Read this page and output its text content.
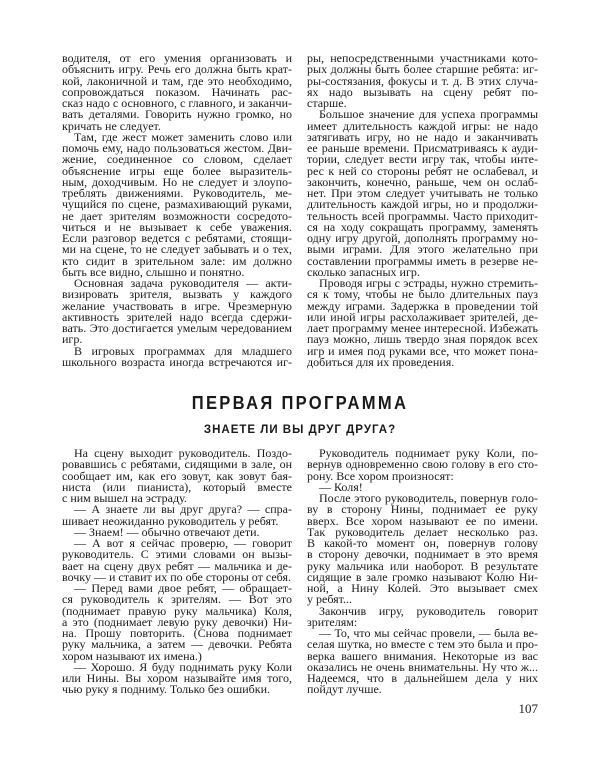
ПЕРВАЯ ПРОГРАММА
ЗНАЕТЕ ЛИ ВЫ ДРУГ ДРУГА?
107
водителя, от его умения организовать и
объяснить игру. Речь его должна быть крат-
кой, лаконичной и там, где это необходимо,
сопровождаться показом. Начинать рас-
сказ надо с основного, с главного, и заканчи-
вать деталями. Говорить нужно громко, но
кричать не следует.
Там, где жест может заменить слово или
помочь ему, надо пользоваться жестом. Дви-
жение, соединенное со словом, сделает
объяснение игры еще более выразитель-
ным, доходчивым. Но не следует и злоупо-
треблять движениями. Руководитель, ме-
чущийся по сцене, размахивающий руками,
не дает зрителям возможности сосредото-
читься и не вызывает к себе уважения.
Если разговор ведется с ребятами, стоящи-
ми на сцене, то не следует забывать и о тех,
кто сидит в зрительном зале: им должно
быть все видно, слышно и понятно.
Основная задача руководителя — акти-
визировать зрителя, вызвать у каждого
желание участвовать в игре. Чрезмерную
активность зрителей надо всегда сдержи-
вать. Это достигается умелым чередованием
игр.
В игровых программах для младшего
школьного возраста иногда встречаются иг-
ры, непосредственными участниками кото-
рых должны быть более старшие ребята: иг-
ры-состязания, фокусы и т. д. В этих случа-
ях надо вызывать на сцену ребят по-
старше.
Большое значение для успеха программы
имеет длительность каждой игры: не надо
затягивать игру, но не надо и заканчивать
ее раньше времени. Присматриваясь к ауди-
тории, следует вести игру так, чтобы инте-
рес к ней со стороны ребят не ослабевал, и
закончить, конечно, раньше, чем он ослаб-
нет. При этом следует учитывать не только
длительность каждой игры, но и продолжи-
тельность всей программы. Часто приходит-
ся на ходу сокращать программу, заменять
одну игру другой, дополнять программу но-
выми играми. Для этого желательно при
составлении программы иметь в резерве не-
сколько запасных игр.
Проводя игры с эстрады, нужно стремить-
ся к тому, чтобы не было длительных пауз
между играми. Задержка в проведении той
или иной игры расхолаживает зрителей, де-
лает программу менее интересной. Избежать
пауз можно, лишь твердо зная порядок всех
игр и имея под руками все, что может пона-
добиться для их проведения.
На сцену выходит руководитель. Поздо-
ровавшись с ребятами, сидящими в зале, он
сообщает им, как его зовут, как зовут бая-
ниста (или пианиста), который вместе
с ним вышел на эстраду.
— А знаете ли вы друг друга? — спра-
шивает неожиданно руководитель у ребят.
— Знаем! — обычно отвечают дети.
— А вот я сейчас проверю, — говорит
руководитель. С этими словами он вызы-
вает на сцену двух ребят — мальчика и де-
вочку — и ставит их по обе стороны от себя.
— Перед вами двое ребят, — обращает-
ся руководитель к зрителям. — Вот это
(поднимает правую руку мальчика) Коля,
а это (поднимает левую руку девочки) Ни-
на. Прошу повторить. (Снова поднимает
руку мальчика, а затем — девочки. Ребята
хором называют их имена.)
— Хорошо. Я буду поднимать руку Коли
или Нины. Вы хором называйте имя того,
чью руку я подниму. Только без ошибки.
Руководитель поднимает руку Коли, по-
вернув одновременно свою голову в его сто-
рону. Все хором произносят:
— Коля!
После этого руководитель, повернув голо-
ву в сторону Нины, поднимает ее руку
вверх. Все хором называют ее по имени.
Так руководитель делает несколько раз.
В какой-то момент он, повернув голову
в сторону девочки, поднимает в это время
руку мальчика или наоборот. В результате
сидящие в зале громко называют Колю Ни-
ной, а Нину Колей. Это вызывает смех
у ребят...
Закончив игру, руководитель говорит
зрителям:
— То, что мы сейчас провели, — была ве-
селая шутка, но вместе с тем это была и про-
верка вашего внимания. Некоторые из вас
оказались не очень внимательны. Ну что ж...
Надеемся, что в дальнейшем дела у них
пойдут лучше.
